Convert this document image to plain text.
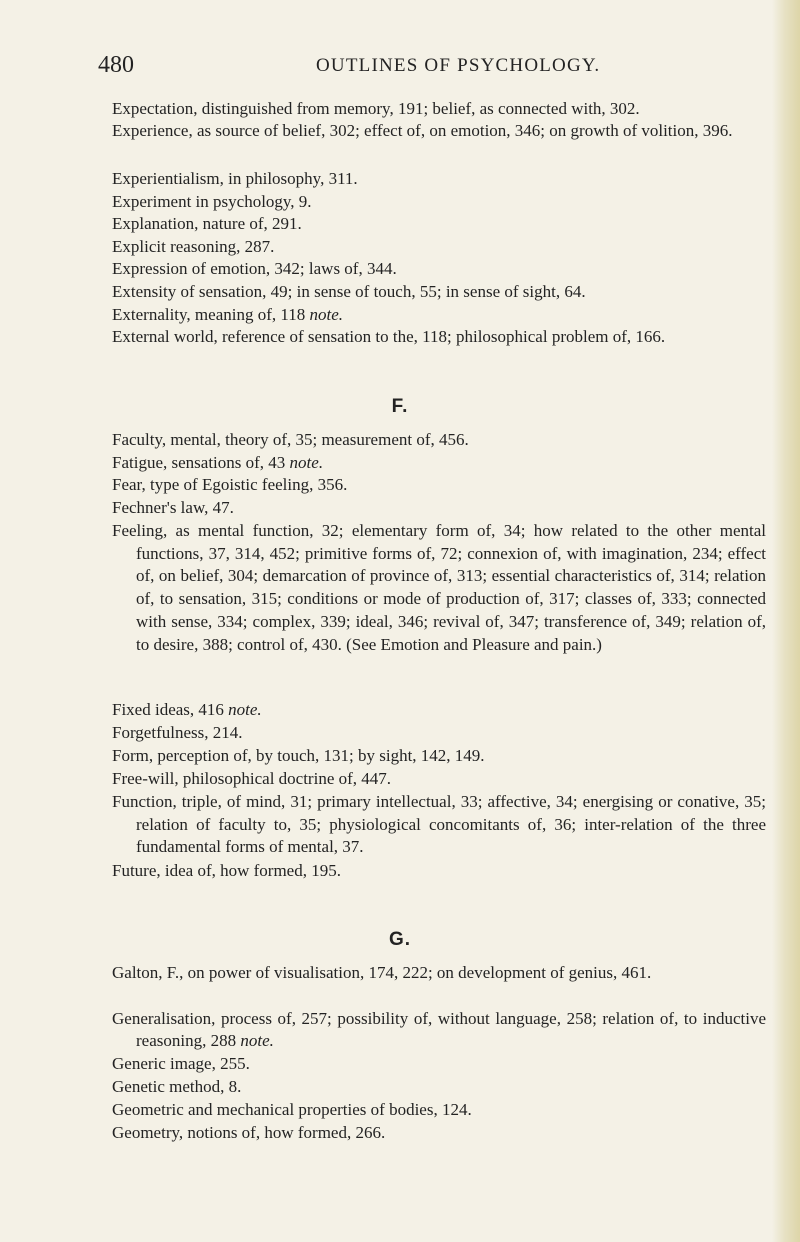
480	OUTLINES OF PSYCHOLOGY.
Expectation, distinguished from memory, 191; belief, as connected with, 302.
Experience, as source of belief, 302; effect of, on emotion, 346; on growth of volition, 396.
Experientialism, in philosophy, 311.
Experiment in psychology, 9.
Explanation, nature of, 291.
Explicit reasoning, 287.
Expression of emotion, 342; laws of, 344.
Extensity of sensation, 49; in sense of touch, 55; in sense of sight, 64.
Externality, meaning of, 118 note.
External world, reference of sensation to the, 118; philosophical problem of, 166.
F.
Faculty, mental, theory of, 35; measurement of, 456.
Fatigue, sensations of, 43 note.
Fear, type of Egoistic feeling, 356.
Fechner's law, 47.
Feeling, as mental function, 32; elementary form of, 34; how related to the other mental functions, 37, 314, 452; primitive forms of, 72; connexion of, with imagination, 234; effect of, on belief, 304; demarcation of province of, 313; essential characteristics of, 314; relation of, to sensation, 315; conditions or mode of production of, 317; classes of, 333; connected with sense, 334; complex, 339; ideal, 346; revival of, 347; transference of, 349; relation of, to desire, 388; control of, 430. (See Emotion and Pleasure and pain.)
Fixed ideas, 416 note.
Forgetfulness, 214.
Form, perception of, by touch, 131; by sight, 142, 149.
Free-will, philosophical doctrine of, 447.
Function, triple, of mind, 31; primary intellectual, 33; affective, 34; energising or conative, 35; relation of faculty to, 35; physiological concomitants of, 36; inter-relation of the three fundamental forms of mental, 37.
Future, idea of, how formed, 195.
G.
Galton, F., on power of visualisation, 174, 222; on development of genius, 461.
Generalisation, process of, 257; possibility of, without language, 258; relation of, to inductive reasoning, 288 note.
Generic image, 255.
Genetic method, 8.
Geometric and mechanical properties of bodies, 124.
Geometry, notions of, how formed, 266.
